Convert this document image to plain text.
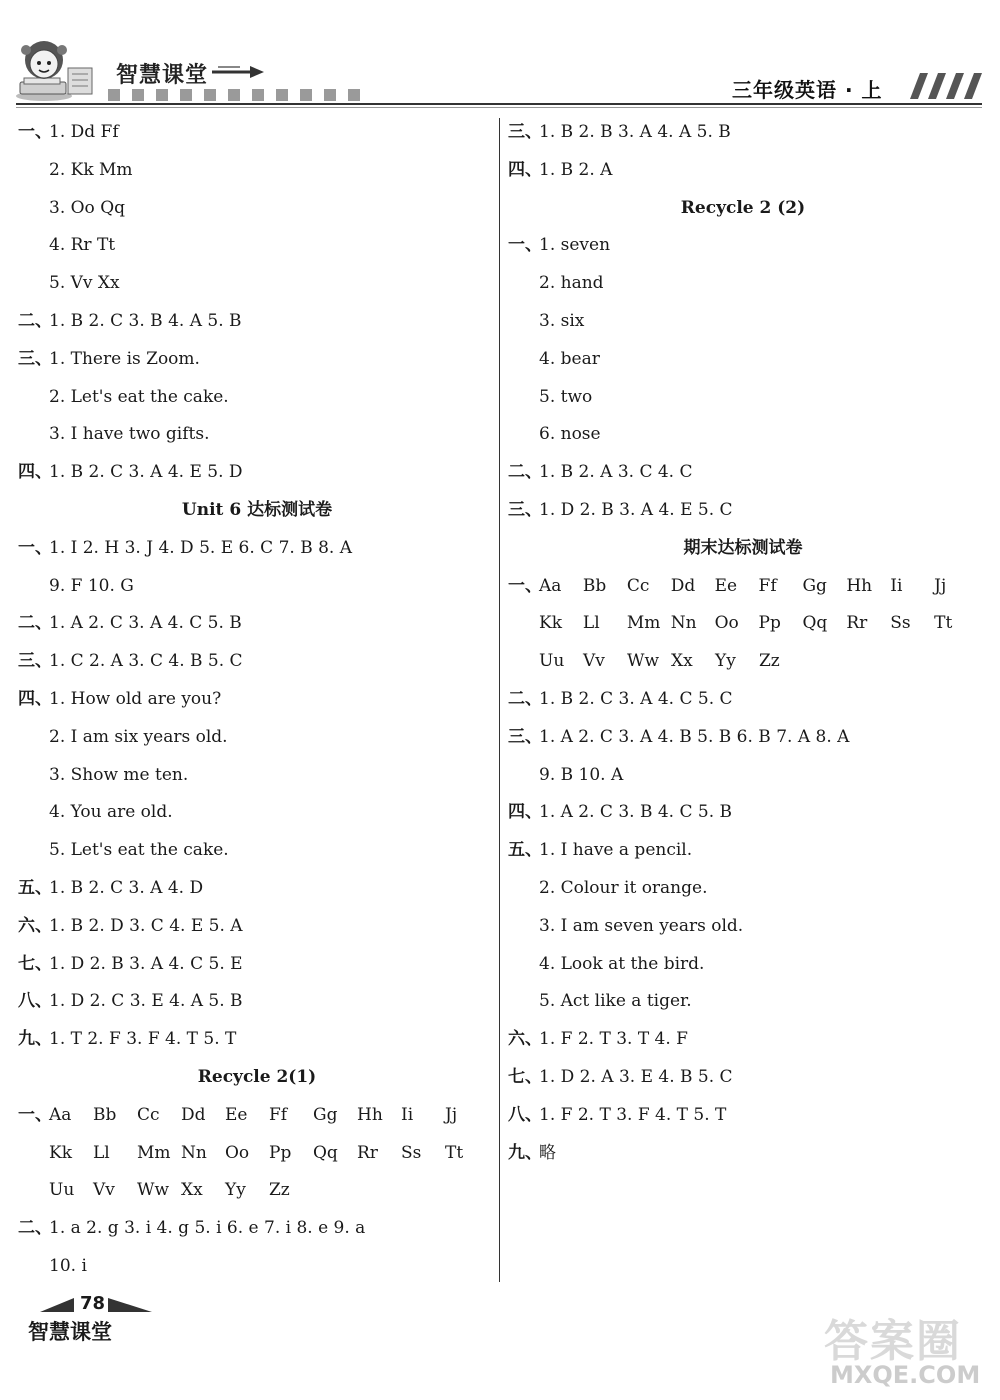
智慧课堂
三年级英语 · 上
一、1. Dd Ff
2. Kk Mm
3. Oo Qq
4. Rr Tt
5. Vv Xx
二、1. B 2. C 3. B 4. A 5. B
三、1. There is Zoom.
2. Let's eat the cake.
3. I have two gifts.
四、1. B 2. C 3. A 4. E 5. D
Unit 6 达标测试卷
一、1. I 2. H 3. J 4. D 5. E 6. C 7. B 8. A
9. F 10. G
二、1. A 2. C 3. A 4. C 5. B
三、1. C 2. A 3. C 4. B 5. C
四、1. How old are you?
2. I am six years old.
3. Show me ten.
4. You are old.
5. Let's eat the cake.
五、1. B 2. C 3. A 4. D
六、1. B 2. D 3. C 4. E 5. A
七、1. D 2. B 3. A 4. C 5. E
八、1. D 2. C 3. E 4. A 5. B
九、1. T 2. F 3. F 4. T 5. T
Recycle 2(1)
一、
Aa	Bb	Cc	Dd	Ee	Ff	Gg	Hh	Ii	Jj
Kk	Ll	Mm Nn	Oo	Pp	Qq	Rr	Ss	Tt
Uu	Vv	Ww Xx	Yy	Zz
二、1. a 2. g 3. i 4. g 5. i 6. e 7. i 8. e 9. a
10. i
三、1. B 2. B 3. A 4. A 5. B
四、1. B 2. A
Recycle 2 (2)
一、1. seven
2. hand
3. six
4. bear
5. two
6. nose
二、1. B 2. A 3. C 4. C
三、1. D 2. B 3. A 4. E 5. C
期末达标测试卷
一、
Aa	Bb	Cc	Dd	Ee	Ff	Gg	Hh	Ii	Jj
Kk	Ll	Mm Nn	Oo	Pp	Qq	Rr	Ss	Tt
Uu	Vv	Ww Xx	Yy	Zz
二、1. B 2. C 3. A 4. C 5. C
三、1. A 2. C 3. A 4. B 5. B 6. B 7. A 8. A
9. B 10. A
四、1. A 2. C 3. B 4. C 5. B
五、1. I have a pencil.
2. Colour it orange.
3. I am seven years old.
4. Look at the bird.
5. Act like a tiger.
六、1. F 2. T 3. T 4. F
七、1. D 2. A 3. E 4. B 5. C
八、1. F 2. T 3. F 4. T 5. T
九、略
78
智慧课堂	答案圈
MXQE.COM
